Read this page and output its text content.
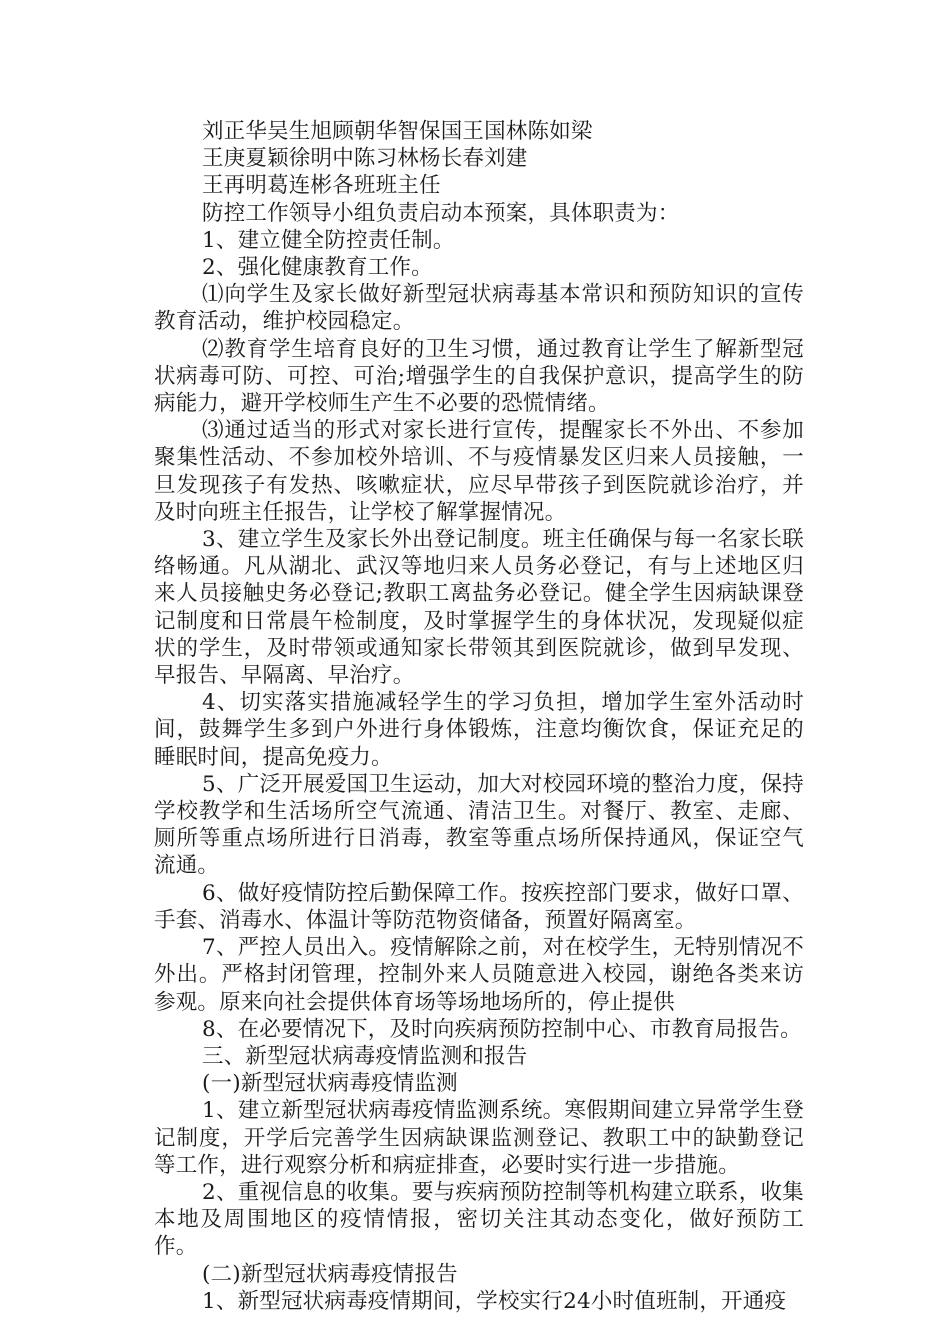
刘正华吴生旭顾朝华智保国王国林陈如梁

王庚夏颖徐明中陈习林杨长春刘建

王再明葛连彬各班班主任

防控工作领导小组负责启动本预案，具体职责为：

1、建立健全防控责任制。

2、强化健康教育工作。

⑴向学生及家长做好新型冠状病毒基本常识和预防知识的宣传教育活动，维护校园稳定。

⑵教育学生培育良好的卫生习惯，通过教育让学生了解新型冠状病毒可防、可控、可治;增强学生的自我保护意识，提高学生的防病能力，避开学校师生产生不必要的恐慌情绪。

⑶通过适当的形式对家长进行宣传，提醒家长不外出、不参加聚集性活动、不参加校外培训、不与疫情暴发区归来人员接触，一旦发现孩子有发热、咳嗽症状，应尽早带孩子到医院就诊治疗，并及时向班主任报告，让学校了解掌握情况。

3、建立学生及家长外出登记制度。班主任确保与每一名家长联络畅通。凡从湖北、武汉等地归来人员务必登记，有与上述地区归来人员接触史务必登记;教职工离盐务必登记。健全学生因病缺课登记制度和日常晨午检制度，及时掌握学生的身体状况，发现疑似症状的学生，及时带领或通知家长带领其到医院就诊，做到早发现、早报告、早隔离、早治疗。

4、切实落实措施减轻学生的学习负担，增加学生室外活动时间，鼓舞学生多到户外进行身体锻炼，注意均衡饮食，保证充足的睡眠时间，提高免疫力。

5、广泛开展爱国卫生运动，加大对校园环境的整治力度，保持学校教学和生活场所空气流通、清洁卫生。对餐厅、教室、走廊、厕所等重点场所进行日消毒，教室等重点场所保持通风，保证空气流通。

6、做好疫情防控后勤保障工作。按疾控部门要求，做好口罩、手套、消毒水、体温计等防范物资储备，预置好隔离室。

7、严控人员出入。疫情解除之前，对在校学生，无特别情况不外出。严格封闭管理，控制外来人员随意进入校园，谢绝各类来访参观。原来向社会提供体育场等场地场所的，停止提供

8、在必要情况下，及时向疾病预防控制中心、市教育局报告。

三、新型冠状病毒疫情监测和报告

(一)新型冠状病毒疫情监测

1、建立新型冠状病毒疫情监测系统。寒假期间建立异常学生登记制度，开学后完善学生因病缺课监测登记、教职工中的缺勤登记等工作，进行观察分析和病症排查，必要时实行进一步措施。

2、重视信息的收集。要与疾病预防控制等机构建立联系，收集本地及周围地区的疫情情报，密切关注其动态变化，做好预防工作。

(二)新型冠状病毒疫情报告

1、新型冠状病毒疫情期间，学校实行24小时值班制，开通疫
